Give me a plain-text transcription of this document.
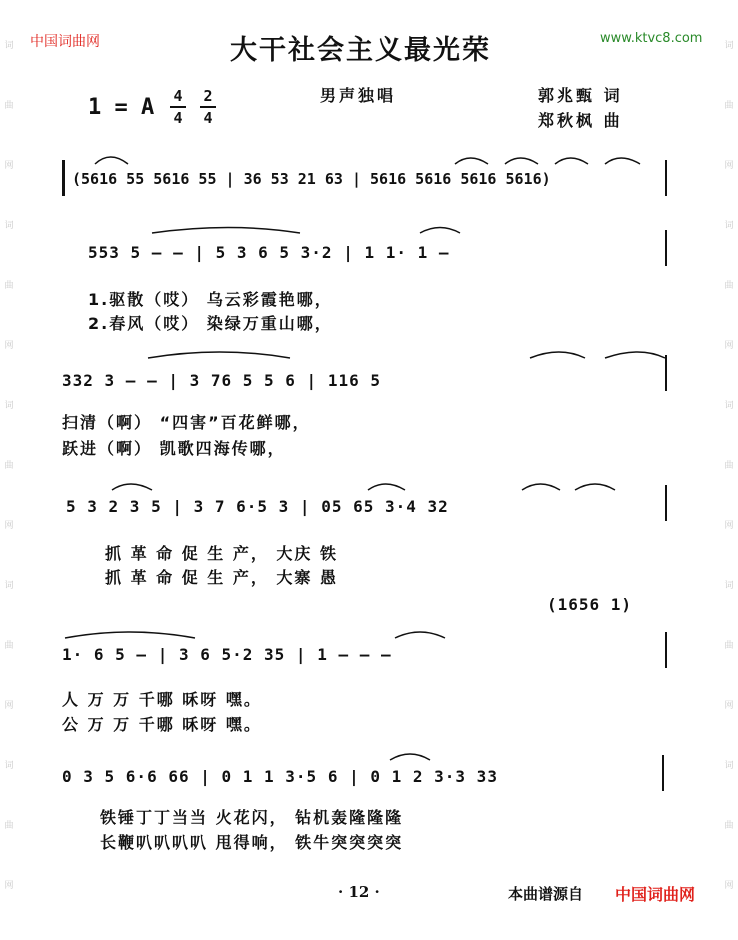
词
曲
网
词
曲
网
词
曲
网
词
曲
网
词
曲
网
词
曲
网
词
曲
网
词
曲
网
词
曲
网
词
曲
网
中国词曲网	www.ktvc8.com
大干社会主义最光荣
1 = A 4
4
2
4
男声独唱	郭兆甄 词
郑秋枫 曲
(5616 55 5616 55 | 36 53 21 63 | 5616 5616 5616 5616)
553 5 — — | 5 3 6 5 3·2 | 1 1· 1 —
1.驱散（哎） 乌云彩霞艳哪，
2.春风（哎） 染绿万重山哪，
332 3 — — | 3 76 5 5 6 | 116 5
扫清（啊） “四害”百花鲜哪，
跃进（啊） 凯歌四海传哪，
5 3 2 3 5 | 3 7 6·5 3 | 05 65 3·4 32
抓 革 命 促 生 产， 大庆 铁
抓 革 命 促 生 产， 大寨 愚
(1656 1)
1· 6 5 — | 3 6 5·2 35 | 1 — — —
人 万 万 千哪 咊呀 嘿。
公 万 万 千哪 咊呀 嘿。
0 3 5 6·6 66 | 0 1 1 3·5 6 | 0 1 2 3·3 33
铁锤丁丁当当 火花闪， 钻机轰隆隆隆
长鞭叭叭叭叭 甩得响， 铁牛突突突突
· 12 ·	本曲谱源自 中国词曲网
